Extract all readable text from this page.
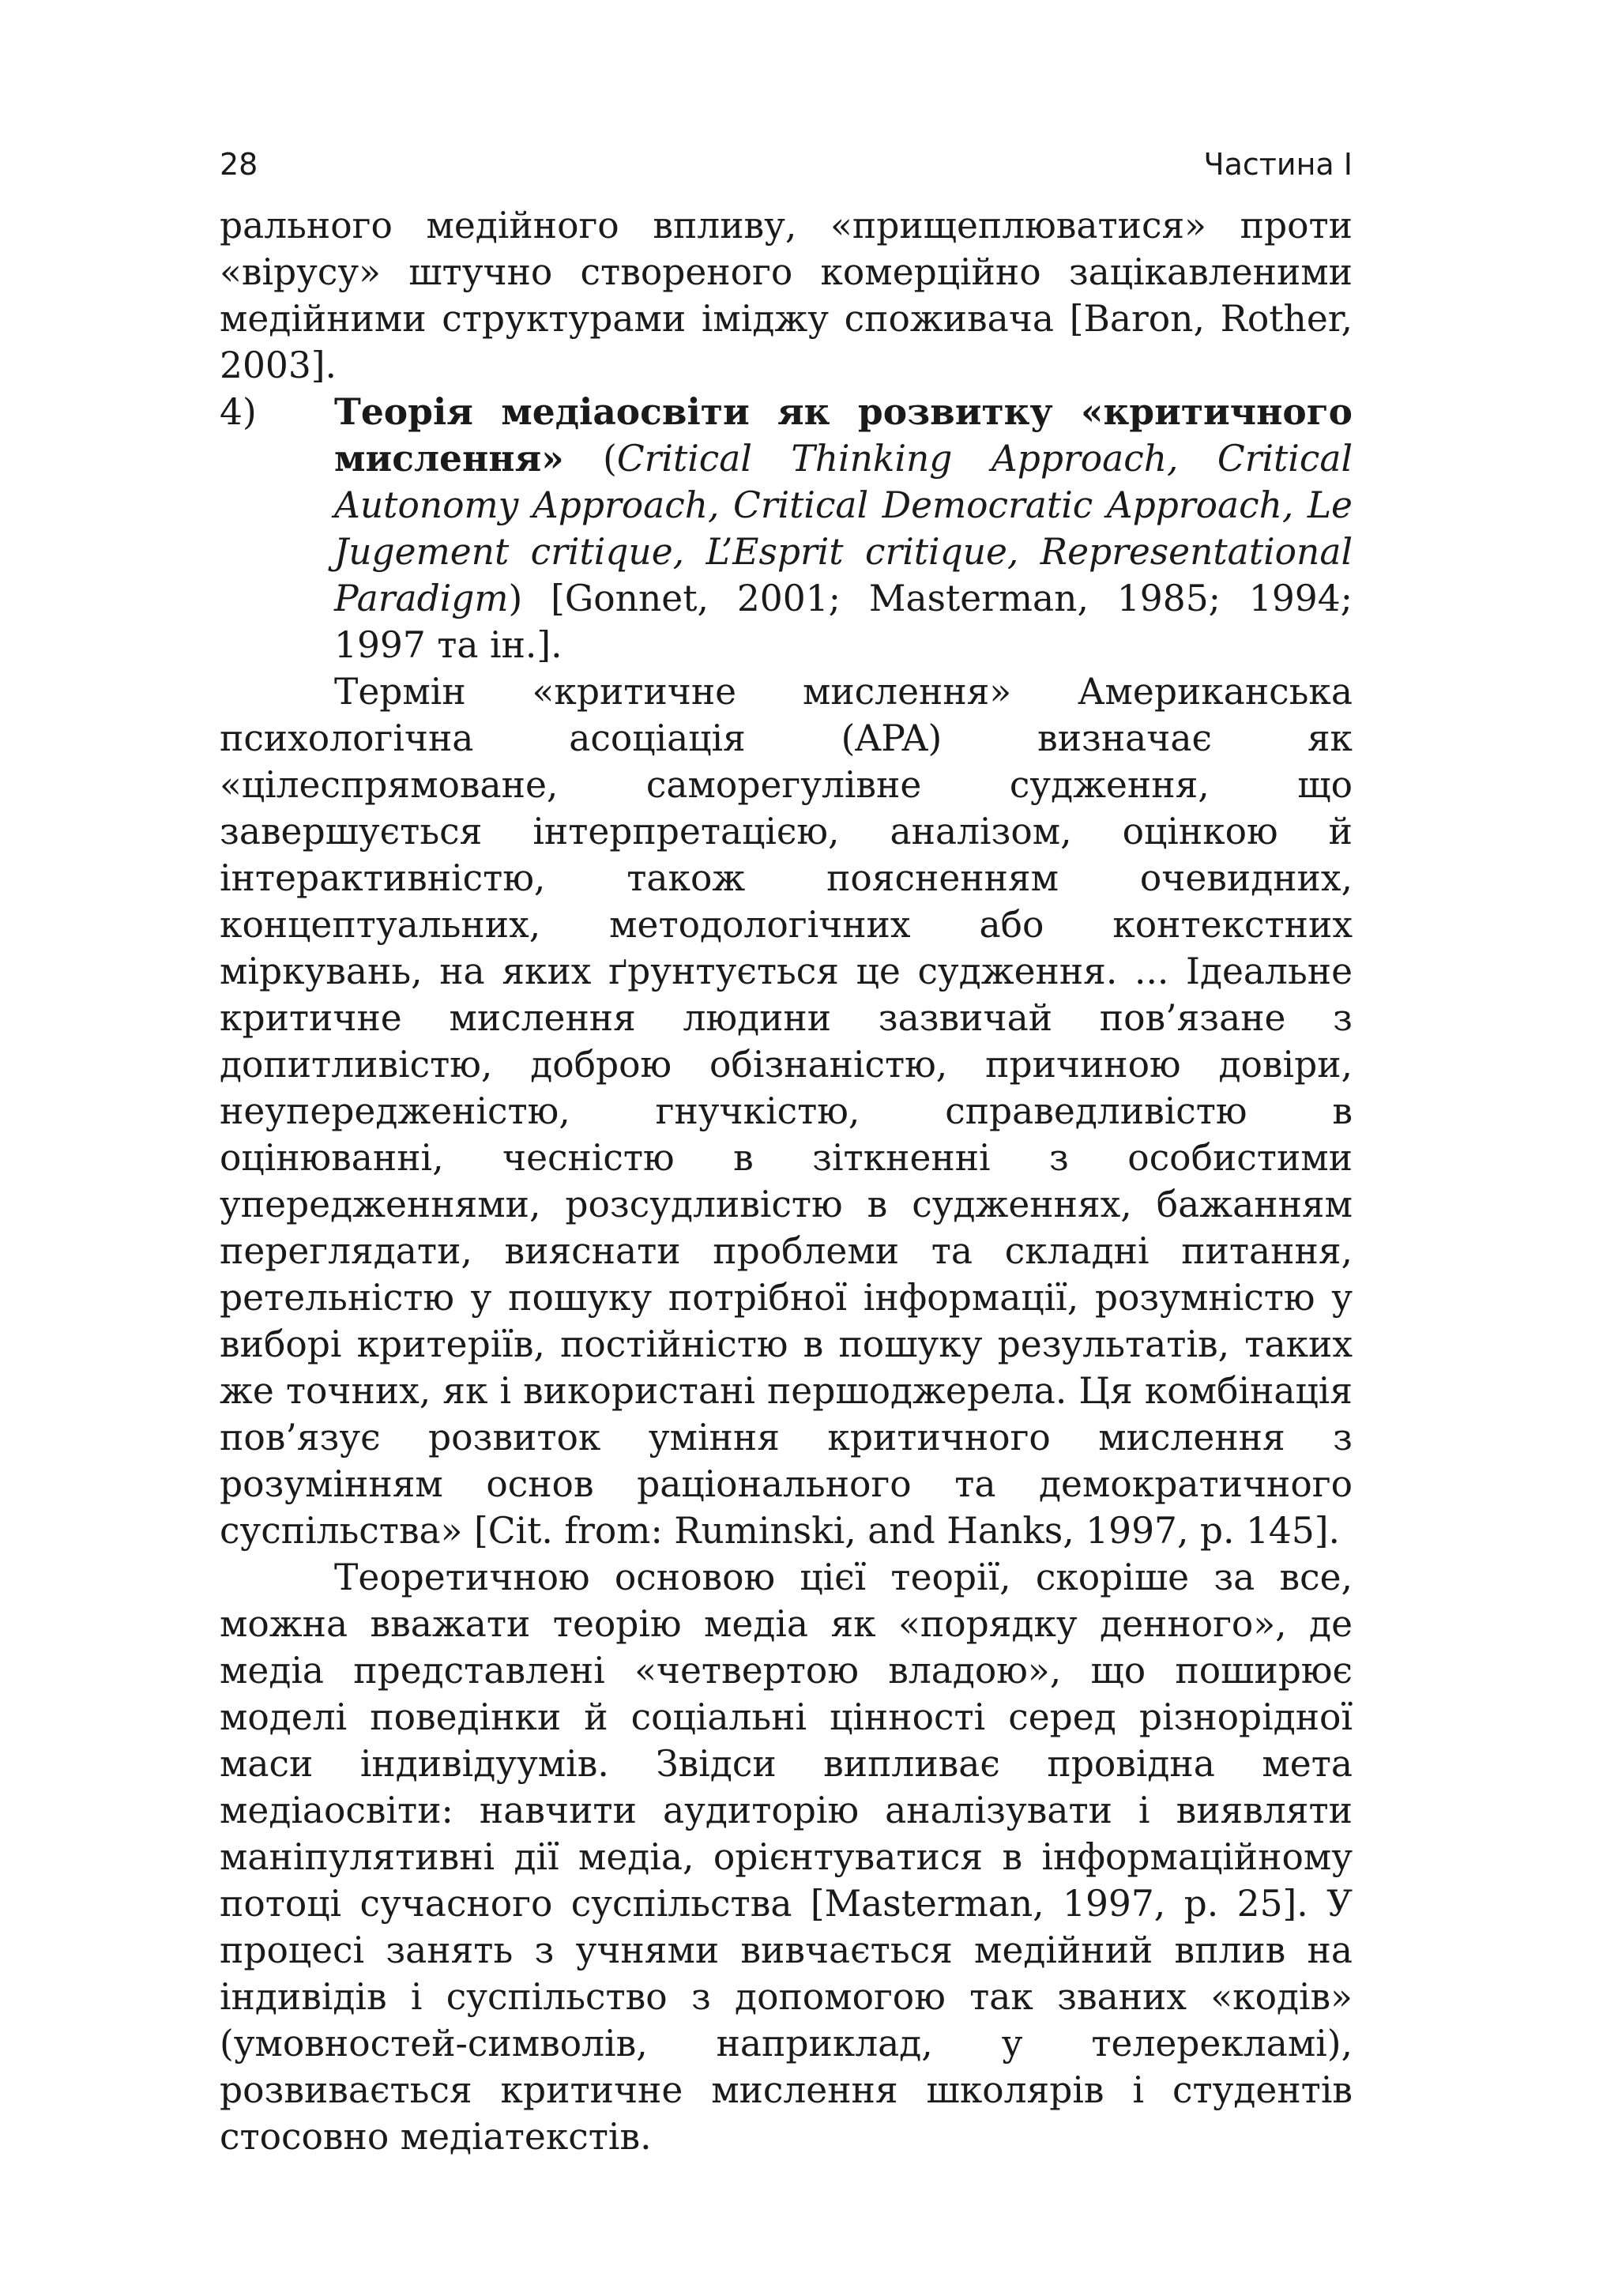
28	Частина I

рального медійного впливу, «прищеплюватися» проти «вірусу» штучно створеного комерційно зацікавленими медійними структурами іміджу споживача [Baron, Rother, 2003].

4)	Теорія медіаосвіти як розвитку «критичного мислення» (Critical Thinking Approach, Critical Autonomy Approach, Critical Democratic Approach, Le Jugement critique, L’Esprit critique, Representational Paradigm) [Gonnet, 2001; Masterman, 1985; 1994; 1997 та ін.].

Термін «критичне мислення» Американська психологічна асоціація (APA) визначає як «цілеспрямоване, саморегулівне судження, що завершується інтерпретацією, аналізом, оцінкою й інтерактивністю, також поясненням очевидних, концептуальних, методологічних або контекстних міркувань, на яких ґрунтується це судження. ... Ідеальне критичне мислення людини зазвичай пов’язане з допитливістю, доброю обізнаністю, причиною довіри, неупередженістю, гнучкістю, справедливістю в оцінюванні, чесністю в зіткненні з особистими упередженнями, розсудливістю в судженнях, бажанням переглядати, вияснати проблеми та складні питання, ретельністю у пошуку потрібної інформації, розумністю у виборі критеріїв, постійністю в пошуку результатів, таких же точних, як і використані першоджерела. Ця комбінація пов’язує розвиток уміння критичного мислення з розумінням основ раціонального та демократичного суспільства» [Cit. from: Ruminski, and Hanks, 1997, p. 145].

Теоретичною основою цієї теорії, скоріше за все, можна вважати теорію медіа як «порядку денного», де медіа представлені «четвертою владою», що поширює моделі поведінки й соціальні цінності серед різнорідної маси індивідуумів. Звідси випливає провідна мета медіаосвіти: навчити аудиторію аналізувати і виявляти маніпулятивні дії медіа, орієнтуватися в інформаційному потоці сучасного суспільства [Masterman, 1997, p. 25]. У процесі занять з учнями вивчається медійний вплив на індивідів і суспільство з допомогою так званих «кодів» (умовностей-символів, наприклад, у телерекламі), розвивається критичне мислення школярів і студентів стосовно медіатекстів.
